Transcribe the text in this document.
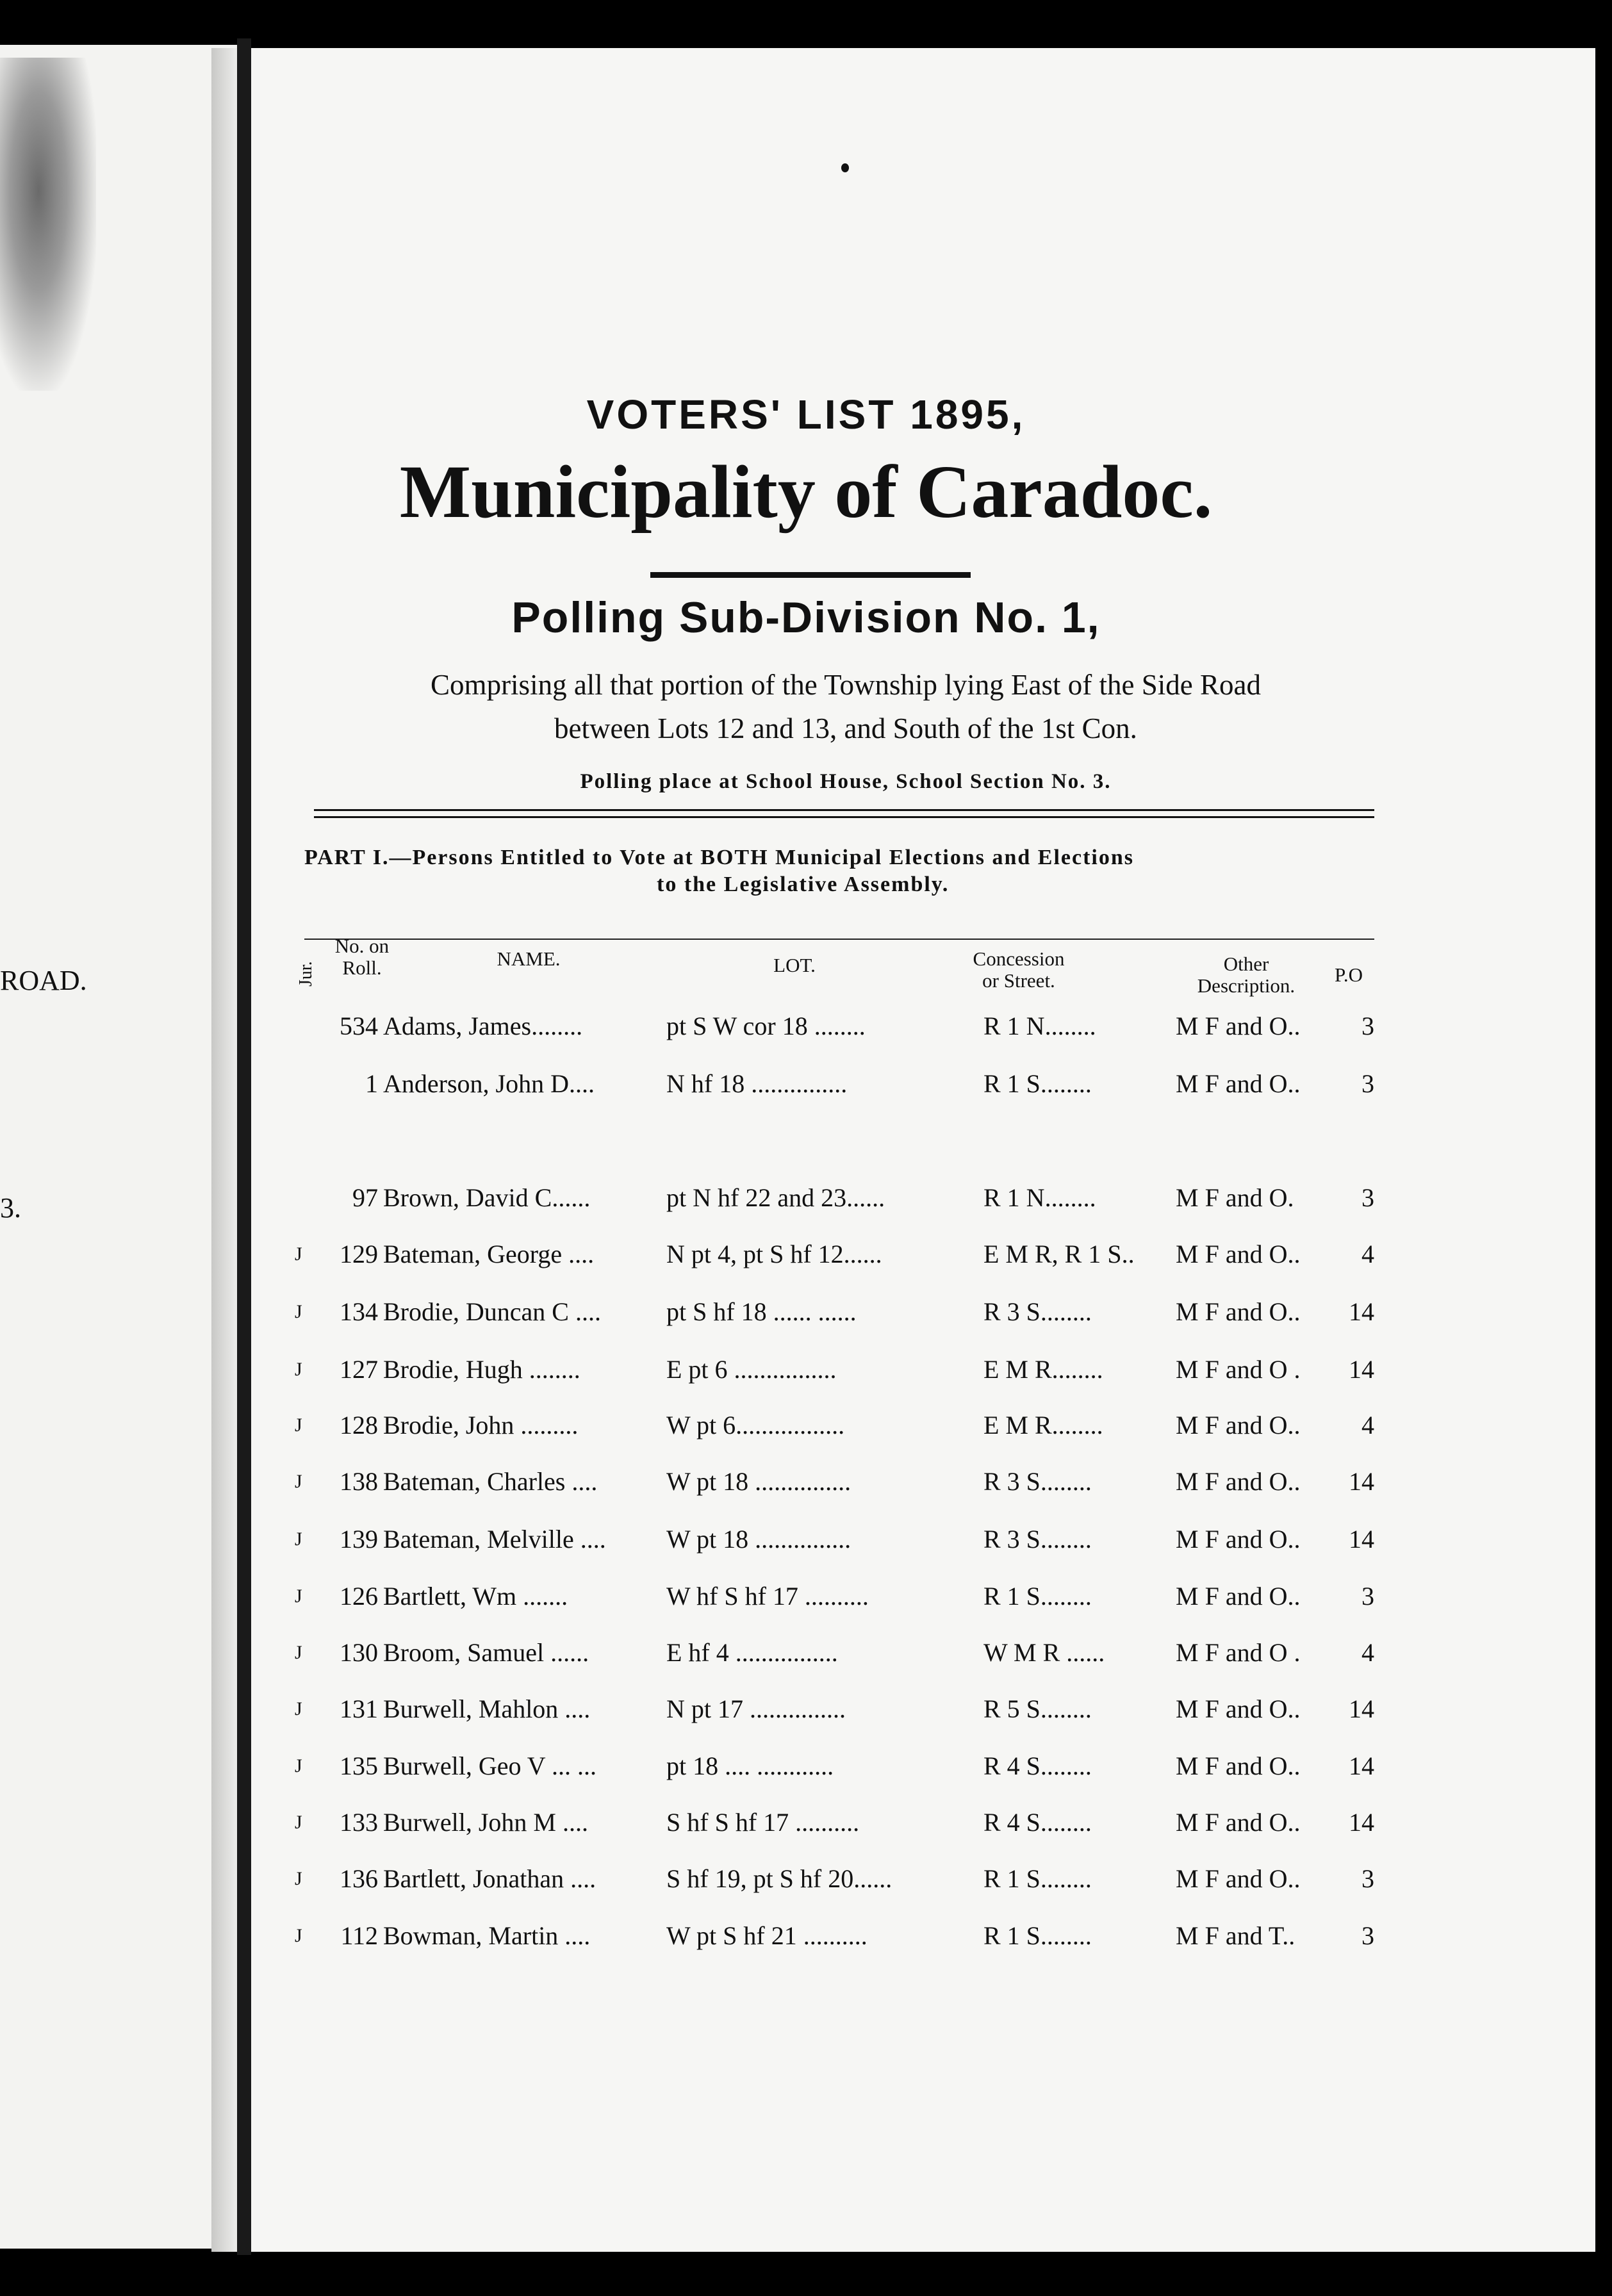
ROAD.
3.
VOTERS' LIST 1895,
Municipality of Caradoc.
Polling Sub-Division No. 1,
Comprising all that portion of the Township lying East of the Side Road
between Lots 12 and 13, and South of the 1st Con.
Polling place at School House, School Section No. 3.
PART I.—Persons Entitled to Vote at BOTH Municipal Elections and Elections
to the Legislative Assembly.
Jur.
No. on
Roll.	NAME.	LOT.	Concession
or Street.
Other
Description.	P.O
534 Adams, James........	pt S W cor 18 ........	R 1 N........	M F and O..	3
1 Anderson, John D....	N hf 18 ...............	R 1 S........	M F and O..	3
97 Brown, David C......	pt N hf 22 and 23......	R 1 N........	M F and O.	3
J	129 Bateman, George ....	N pt 4, pt S hf 12......	E M R, R 1 S..	M F and O..	4
J	134 Brodie, Duncan C ....	pt S hf 18 ...... ......	R 3 S........	M F and O..	14
J	127 Brodie, Hugh ........	E pt 6 ................	E M R........	M F and O .	14
J	128 Brodie, John .........	W pt 6.................	E M R........	M F and O..	4
J	138 Bateman, Charles ....	W pt 18 ...............	R 3 S........	M F and O..	14
J	139 Bateman, Melville ....	W pt 18 ...............	R 3 S........	M F and O..	14
J	126 Bartlett, Wm .......	W hf S hf 17 ..........	R 1 S........	M F and O..	3
J	130 Broom, Samuel ......	E hf 4 ................	W M R ......	M F and O .	4
J	131 Burwell, Mahlon ....	N pt 17 ...............	R 5 S........	M F and O..	14
J	135 Burwell, Geo V ... ...	pt 18 .... ............	R 4 S........	M F and O..	14
J	133 Burwell, John M ....	S hf S hf 17 ..........	R 4 S........	M F and O..	14
J	136 Bartlett, Jonathan ....	S hf 19, pt S hf 20......	R 1 S........	M F and O..	3
J	112 Bowman, Martin ....	W pt S hf 21 ..........	R 1 S........	M F and T..	3
